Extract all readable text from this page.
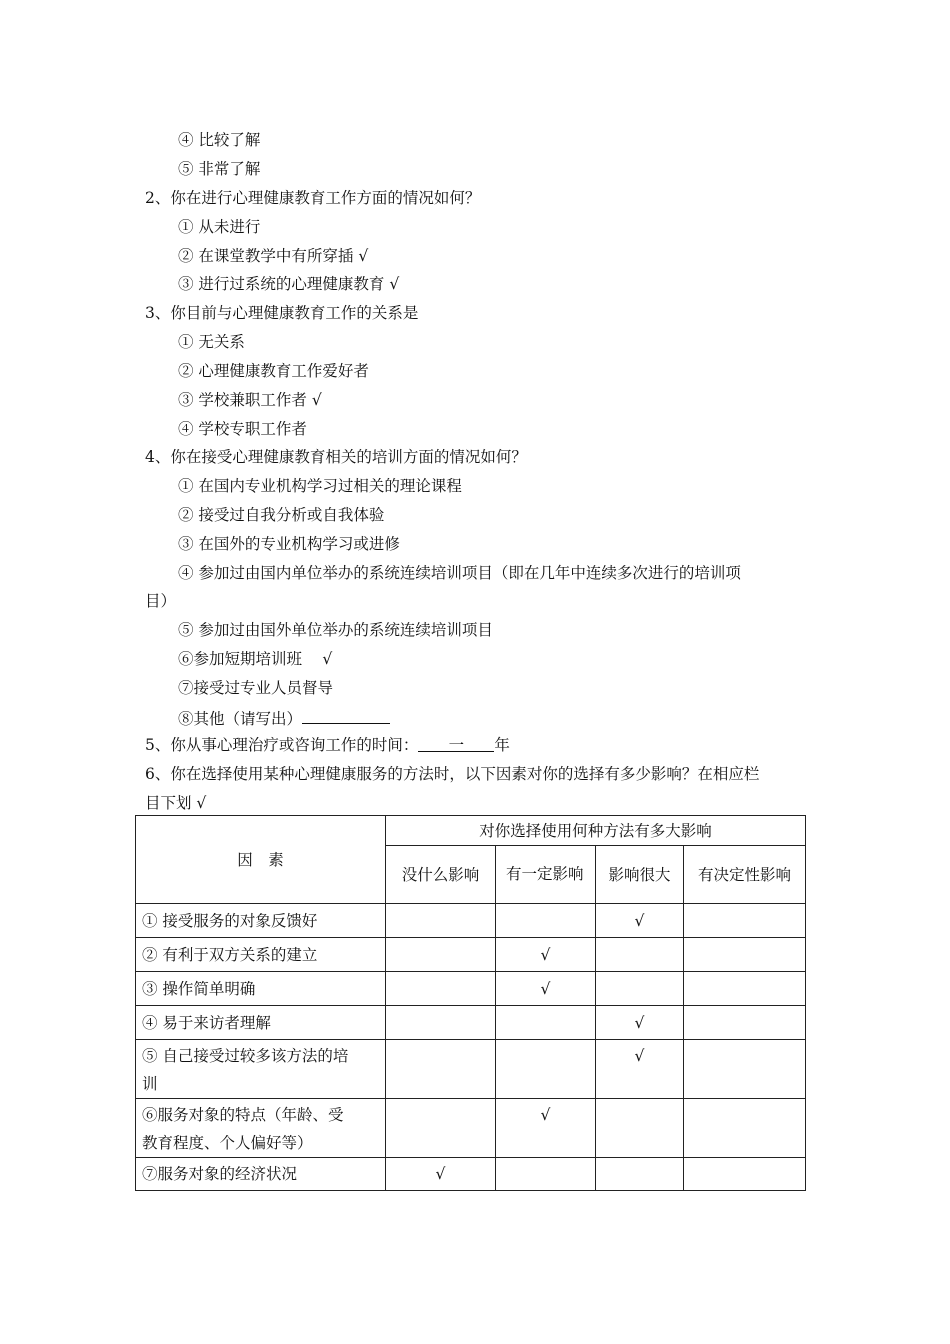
④ 比较了解
⑤ 非常了解
2、你在进行心理健康教育工作方面的情况如何？
① 从未进行
② 在课堂教学中有所穿插 √
③ 进行过系统的心理健康教育 √
3、你目前与心理健康教育工作的关系是
① 无关系
② 心理健康教育工作爱好者
③ 学校兼职工作者 √
④ 学校专职工作者
4、你在接受心理健康教育相关的培训方面的情况如何？
① 在国内专业机构学习过相关的理论课程
② 接受过自我分析或自我体验
③ 在国外的专业机构学习或进修
④ 参加过由国内单位举办的系统连续培训项目（即在几年中连续多次进行的培训项
目）
⑤ 参加过由国外单位举办的系统连续培训项目
⑥参加短期培训班　 √
⑦接受过专业人员督导
⑧其他（请写出）
5、你从事心理治疗或咨询工作的时间： 一 年
6、你在选择使用某种心理健康服务的方法时，以下因素对你的选择有多少影响？在相应栏
目下划 √
因　素	对你选择使用何种方法有多大影响			
	没什么影响	有一定影响	影响很大	有决定性影响
① 接受服务的对象反馈好			√	
② 有利于双方关系的建立		√		
③ 操作简单明确		√		
④ 易于来访者理解			√	

⑤ 自己接受过较多该方法的培
训			√	

⑥服务对象的特点（年龄、受
教育程度、个人偏好等）		√		
⑦服务对象的经济状况	√			
